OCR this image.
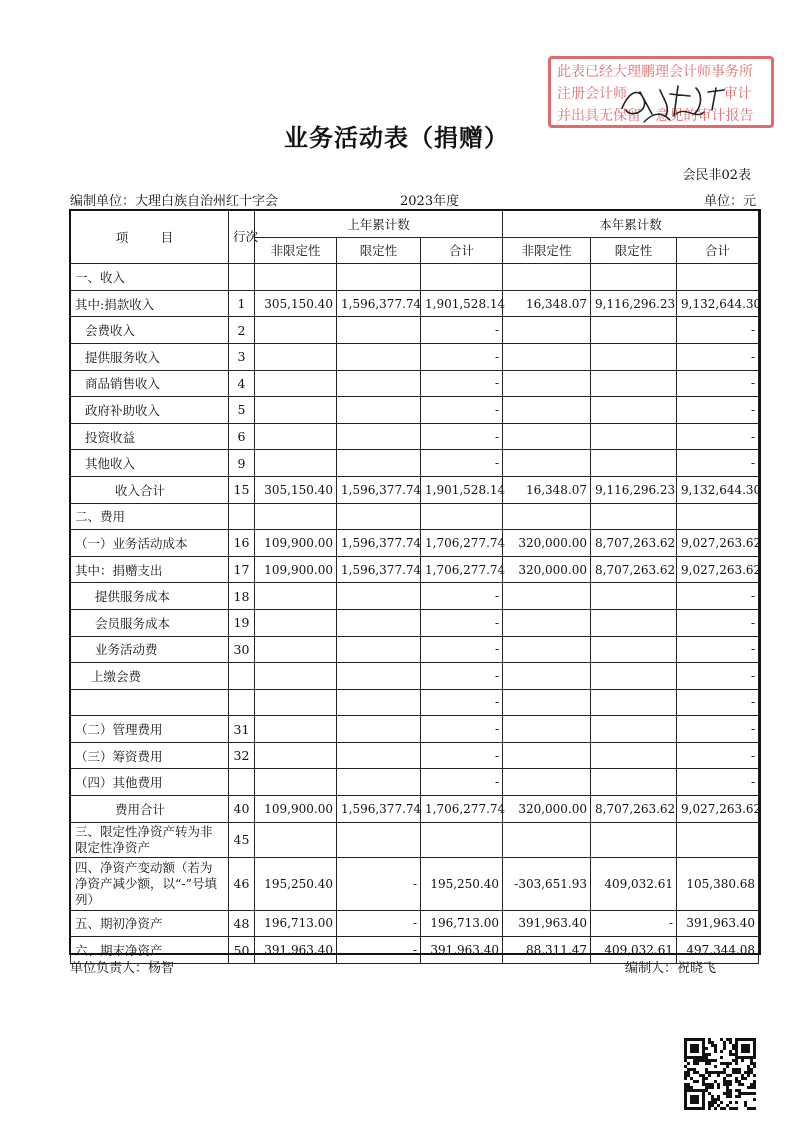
此表已经大理鹏理会计师事务所
注册会计师	审计
并出具无保留 意见的审计报告
业务活动表（捐赠）
会民非02表
编制单位：大理白族自治州红十字会	2023年度	单位：元
项　目	行次	上年累计数			本年累计数		
		非限定性	限定性	合计	非限定性	限定性	合计
一、收入							
其中:捐款收入	1	305,150.40	1,596,377.74	1,901,528.14	16,348.07	9,116,296.23	9,132,644.30
会费收入	2			-			-
提供服务收入	3			-			-
商品销售收入	4			-			-
政府补助收入	5			-			-
投资收益	6			-			-
其他收入	9			-			-
收入合计	15	305,150.40	1,596,377.74	1,901,528.14	16,348.07	9,116,296.23	9,132,644.30
二、费用							
（一）业务活动成本	16	109,900.00	1,596,377.74	1,706,277.74	320,000.00	8,707,263.62	9,027,263.62
其中：捐赠支出	17	109,900.00	1,596,377.74	1,706,277.74	320,000.00	8,707,263.62	9,027,263.62
提供服务成本	18			-			-
会员服务成本	19			-			-
业务活动费	30			-			-
上缴会费				-			-
				-			-
（二）管理费用	31			-			-
（三）筹资费用	32			-			-
（四）其他费用				-			-
费用合计	40	109,900.00	1,596,377.74	1,706,277.74	320,000.00	8,707,263.62	9,027,263.62
三、限定性净资产转为非限定性净资产	45						
四、净资产变动额（若为净资产减少额，以“-”号填列）	46	195,250.40	-	195,250.40	-303,651.93	409,032.61	105,380.68
五、期初净资产	48	196,713.00	-	196,713.00	391,963.40	-	391,963.40
六、期末净资产	50	391,963.40	-	391,963.40	88,311.47	409,032.61	497,344.08
单位负责人：杨智	编制人：祝晓飞
